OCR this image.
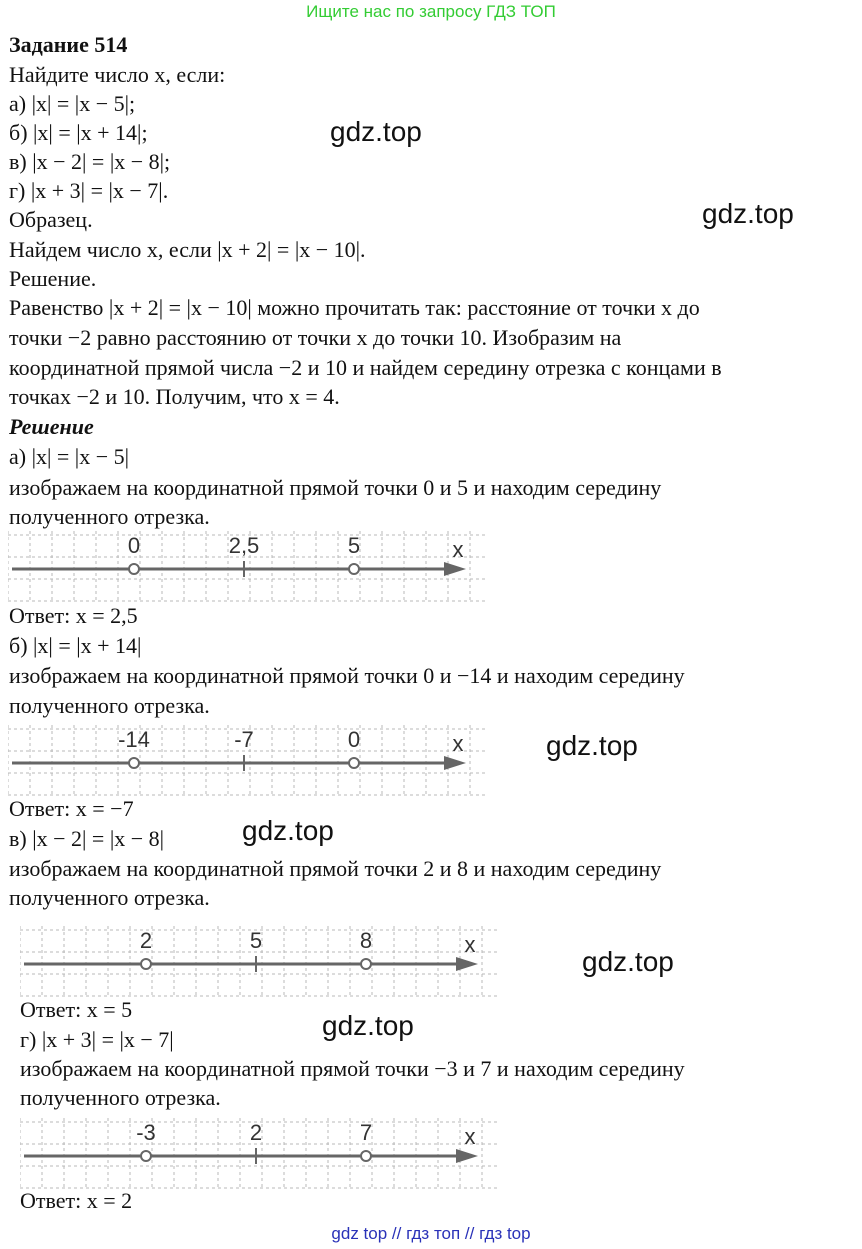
Ищите нас по запросу ГДЗ ТОП
Задание 514
Найдите число x, если:
а) |x| = |x − 5|;
б) |x| = |x + 14|;
в) |x − 2| = |x − 8|;
г) |x + 3| = |x − 7|.
Образец.
Найдем число x, если |x + 2| = |x − 10|.
Решение.
Равенство |x + 2| = |x − 10| можно прочитать так: расстояние от точки x до
точки −2 равно расстоянию от точки x до точки 10. Изобразим на
координатной прямой числа −2 и 10 и найдем середину отрезка с концами в
точках −2 и 10. Получим, что x = 4.
Решение
а) |x| = |x − 5|
изображаем на координатной прямой точки 0 и 5 и находим середину
полученного отрезка.
0	2,5	5	x
Ответ: x = 2,5
б) |x| = |x + 14|
изображаем на координатной прямой точки 0 и −14 и находим середину
полученного отрезка.
-14	-7	0	x
Ответ: x = −7
в) |x − 2| = |x − 8|
изображаем на координатной прямой точки 2 и 8 и находим середину
полученного отрезка.
2	5	8	x
Ответ: x = 5
г) |x + 3| = |x − 7|
изображаем на координатной прямой точки −3 и 7 и находим середину
полученного отрезка.
-3	2	7	x
Ответ: x = 2
gdz.top
gdz.top
gdz.top
gdz.top
gdz.top
gdz.top
gdz top // гдз топ // гдз top
